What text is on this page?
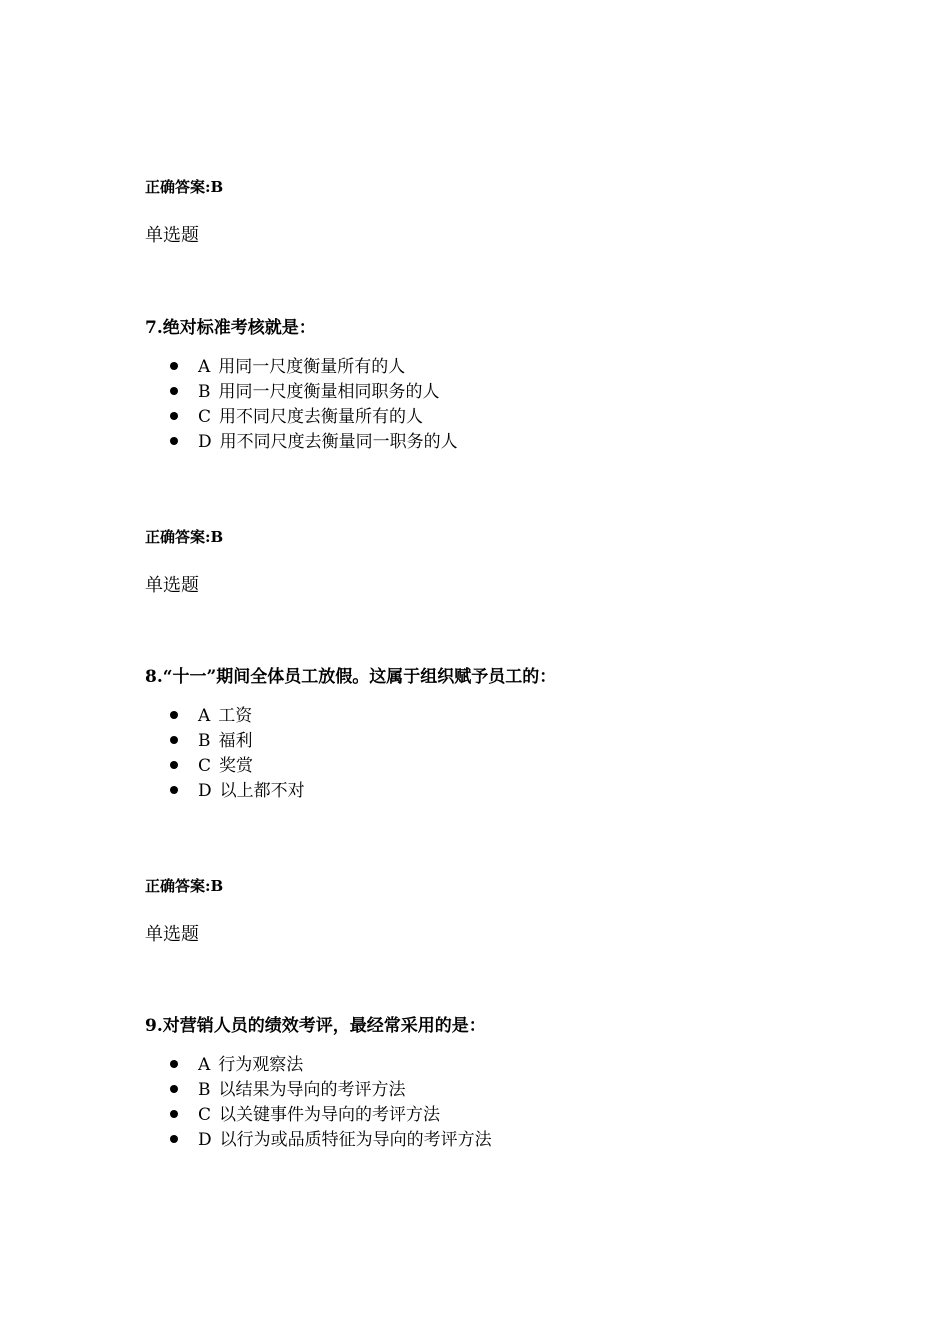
正确答案:B
单选题
7.绝对标准考核就是：
A 用同一尺度衡量所有的人
B 用同一尺度衡量相同职务的人
C 用不同尺度去衡量所有的人
D 用不同尺度去衡量同一职务的人
正确答案:B
单选题
8.“十一”期间全体员工放假。这属于组织赋予员工的：
A 工资
B 福利
C 奖赏
D 以上都不对
正确答案:B
单选题
9.对营销人员的绩效考评，最经常采用的是：
A 行为观察法
B 以结果为导向的考评方法
C 以关键事件为导向的考评方法
D 以行为或品质特征为导向的考评方法
